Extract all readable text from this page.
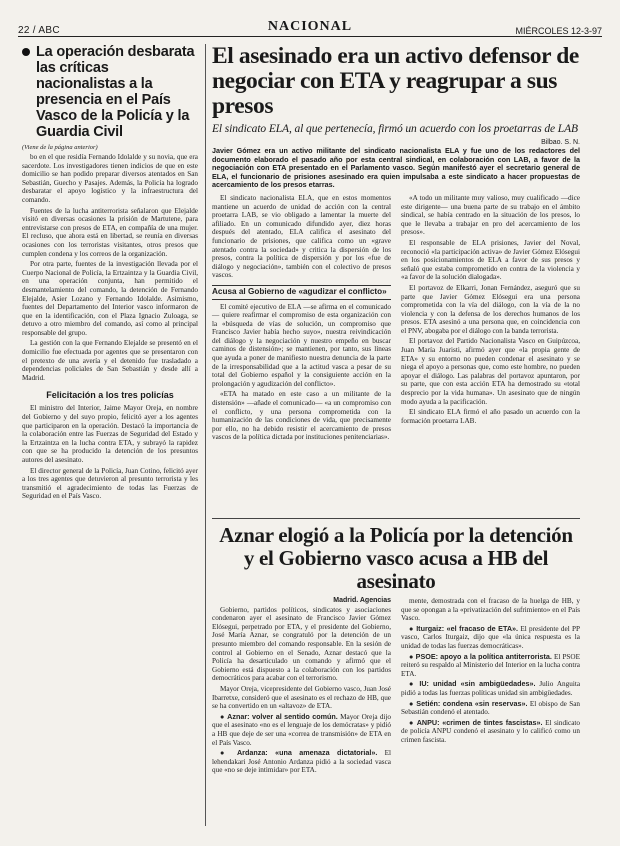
22 / ABC	NACIONAL	MIÉRCOLES 12-3-97
La operación desbarata las críticas nacionalistas a la presencia en el País Vasco de la Policía y la Guardia Civil
(Viene de la página anterior)

bo en el que residía Fernando Idolalde y su novia, que era sacerdote. Los investigadores tienen indicios de que en este domicilio se han podido preparar diversos atentados en San Sebastián, Guecho y Pasajes. Además, la Policía ha logrado desbaratar el apoyo logístico y la infraestructura del comando.

Fuentes de la lucha antiterrorista señalaron que Elejalde visitó en diversas ocasiones la prisión de Martutene, para entrevistarse con presos de ETA, en compañía de una mujer. El recluso, que ahora está en libertad, se reunía en diversas ocasiones con los terroristas visitantes, otros presos que cumplen condena y los correos de la organización.

Por otra parte, fuentes de la investigación llevada por el Cuerpo Nacional de Policía, la Ertzaintza y la Guardia Civil, en una operación conjunta, han permitido el desmantelamiento del comando, la detención de Fernando Elejalde, Asier Lozano y Fernando Idolalde. Asimismo, fuentes del Departamento del Interior vasco informaron de que en la identificación, con el Plaza Ignacio Zuloaga, se detuvo a otro miembro del comando, así como al principal responsable del grupo.

La gestión con la que Fernando Elejalde se presentó en el domicilio fue efectuada por agentes que se presentaron con el pretexto de una avería y el detenido fue trasladado a dependencias policiales de San Sebastián y desde allí a Madrid.

Felicitación a los tres policías

El ministro del Interior, Jaime Mayor Oreja, en nombre del Gobierno y del suyo propio, felicitó ayer a los agentes que participaron en la operación. Destacó la importancia de la colaboración entre las Fuerzas de Seguridad del Estado y la Ertzaintza en la lucha contra ETA, y subrayó la rapidez con que se ha producido la detención de los presuntos autores del asesinato.

El director general de la Policía, Juan Cotino, felicitó ayer a los tres agentes que detuvieron al presunto terrorista y les transmitió el agradecimiento de todas las Fuerzas de Seguridad en el País Vasco.

El asesinado era un activo defensor de negociar con ETA y reagrupar a sus presos
El sindicato ELA, al que pertenecía, firmó un acuerdo con los proetarras de LAB
Bilbao. S. N.
Javier Gómez era un activo militante del sindicato nacionalista ELA y fue uno de los redactores del documento elaborado el pasado año por esta central sindical, en colaboración con LAB, a favor de la negociación con ETA presentado en el Parlamento vasco. Según manifestó ayer el secretario general de ELA, el funcionario de prisiones asesinado era quien impulsaba a este sindicato a hacer propuestas de acercamiento de los presos etarras.

El sindicato nacionalista ELA, que en estos momentos mantiene un acuerdo de unidad de acción con la central proetarra LAB, se vio obligado a lamentar la muerte del afiliado. En un comunicado difundido ayer, diez horas después del atentado, ELA califica el asesinato del funcionario de prisiones, que califica como un «grave atentado contra la sociedad» y critica la dispersión de los presos, contra la política de dispersión y por los «fue de diálogo y negociación», también con el colectivo de presos vascos.

Acusa al Gobierno de «agudizar el conflicto»

El comité ejecutivo de ELA —se afirma en el comunicado— quiere reafirmar el compromiso de esta organización con la «búsqueda de vías de solución, un compromiso que Francisco Javier había hecho suyo», nuestra reivindicación del diálogo y la negociación y nuestro empeño en buscar caminos de distensión»; se mantienen, por tanto, sus líneas que ayuda a poner de manifiesto nuestra denuncia de la parte de la irresponsabilidad que a la actitud vasca a pesar de su total del Gobierno español y la consiguiente acción en la prolongación y agudización del conflicto».

«ETA ha matado en este caso a un militante de la distensión» —añade el comunicado— «a un compromiso con el conflicto, y una persona comprometida con la humanización de las condiciones de vida, que precisamente por ello, no ha debido resistir el acercamiento de presos vascos de la política dictada por instituciones penitenciarias».

«A todo un militante muy valioso, muy cualificado —dice este dirigente— una buena parte de su trabajo en el ámbito sindical, se había centrado en la situación de los presos, lo que le llevaba a trabajar en pro del acercamiento de los presos».

El responsable de ELA prisiones, Javier del Noval, reconoció «la participación activa» de Javier Gómez Elósegui en los posicionamientos de ELA a favor de sus presos y señaló que estaba comprometido en contra de la violencia y «a favor de la solución dialogada».

El portavoz de Elkarri, Jonan Fernández, aseguró que su parte que Javier Gómez Elósegui era una persona comprometida con la vía del diálogo, con la vía de la no violencia y con la defensa de los derechos humanos de los presos. ETA asesinó a una persona que, en coincidencia con el PNV, abogaba por el diálogo con la banda terrorista.

El portavoz del Partido Nacionalista Vasco en Guipúzcoa, Juan María Juaristi, afirmó ayer que «la propia gente de ETA» y su entorno no pueden condenar el asesinato y se niega el apoyo a personas que, como este hombre, no pueden apoyar el diálogo. Las palabras del portavoz apuntaron, por su parte, que con esta acción ETA ha demostrado su «total desprecio por la vida humana». Un asesinato que de ningún modo ayuda a la pacificación.

El sindicato ELA firmó el año pasado un acuerdo con la formación proetarra LAB.

Aznar elogió a la Policía por la detención y el Gobierno vasco acusa a HB del asesinato
Madrid. Agencias

Gobierno, partidos políticos, sindicatos y asociaciones condenaron ayer el asesinato de Francisco Javier Gómez Elósegui, perpetrado por ETA, y el presidente del Gobierno, José María Aznar, se congratuló por la detención de un presunto miembro del comando responsable. En la sesión de control al Gobierno en el Senado, Aznar destacó que la Policía ha desarticulado un comando y afirmó que el Gobierno está dispuesto a la colaboración con los partidos democráticos para acabar con el terrorismo.

Mayor Oreja, vicepresidente del Gobierno vasco, Juan José Ibarretxe, consideró que el asesinato es el rechazo de HB, que se ha convertido en un «altavoz» de ETA.

● Aznar: volver al sentido común. Mayor Oreja dijo que el asesinato «no es el lenguaje de los demócratas» y pidió a HB que deje de ser una «correa de transmisión» de ETA en el País Vasco.

● Ardanza: «una amenaza dictatorial». El lehendakari José Antonio Ardanza pidió a la sociedad vasca que «no se deje intimidar» por ETA.

mente, demostrada con el fracaso de la huelga de HB, y que se opongan a la «privatización del sufrimiento» en el País Vasco.

● Iturgaiz: «el fracaso de ETA». El presidente del PP vasco, Carlos Iturgaiz, dijo que «la única respuesta es la unidad de todas las fuerzas democráticas».

● PSOE: apoyo a la política antiterrorista. El PSOE reiteró su respaldo al Ministerio del Interior en la lucha contra ETA.

● IU: unidad «sin ambigüedades». Julio Anguita pidió a todas las fuerzas políticas unidad sin ambigüedades.

● Setién: condena «sin reservas». El obispo de San Sebastián condenó el atentado.

● ANPU: «crimen de tintes fascistas». El sindicato de policía ANPU condenó el asesinato y lo calificó como un crimen fascista.
